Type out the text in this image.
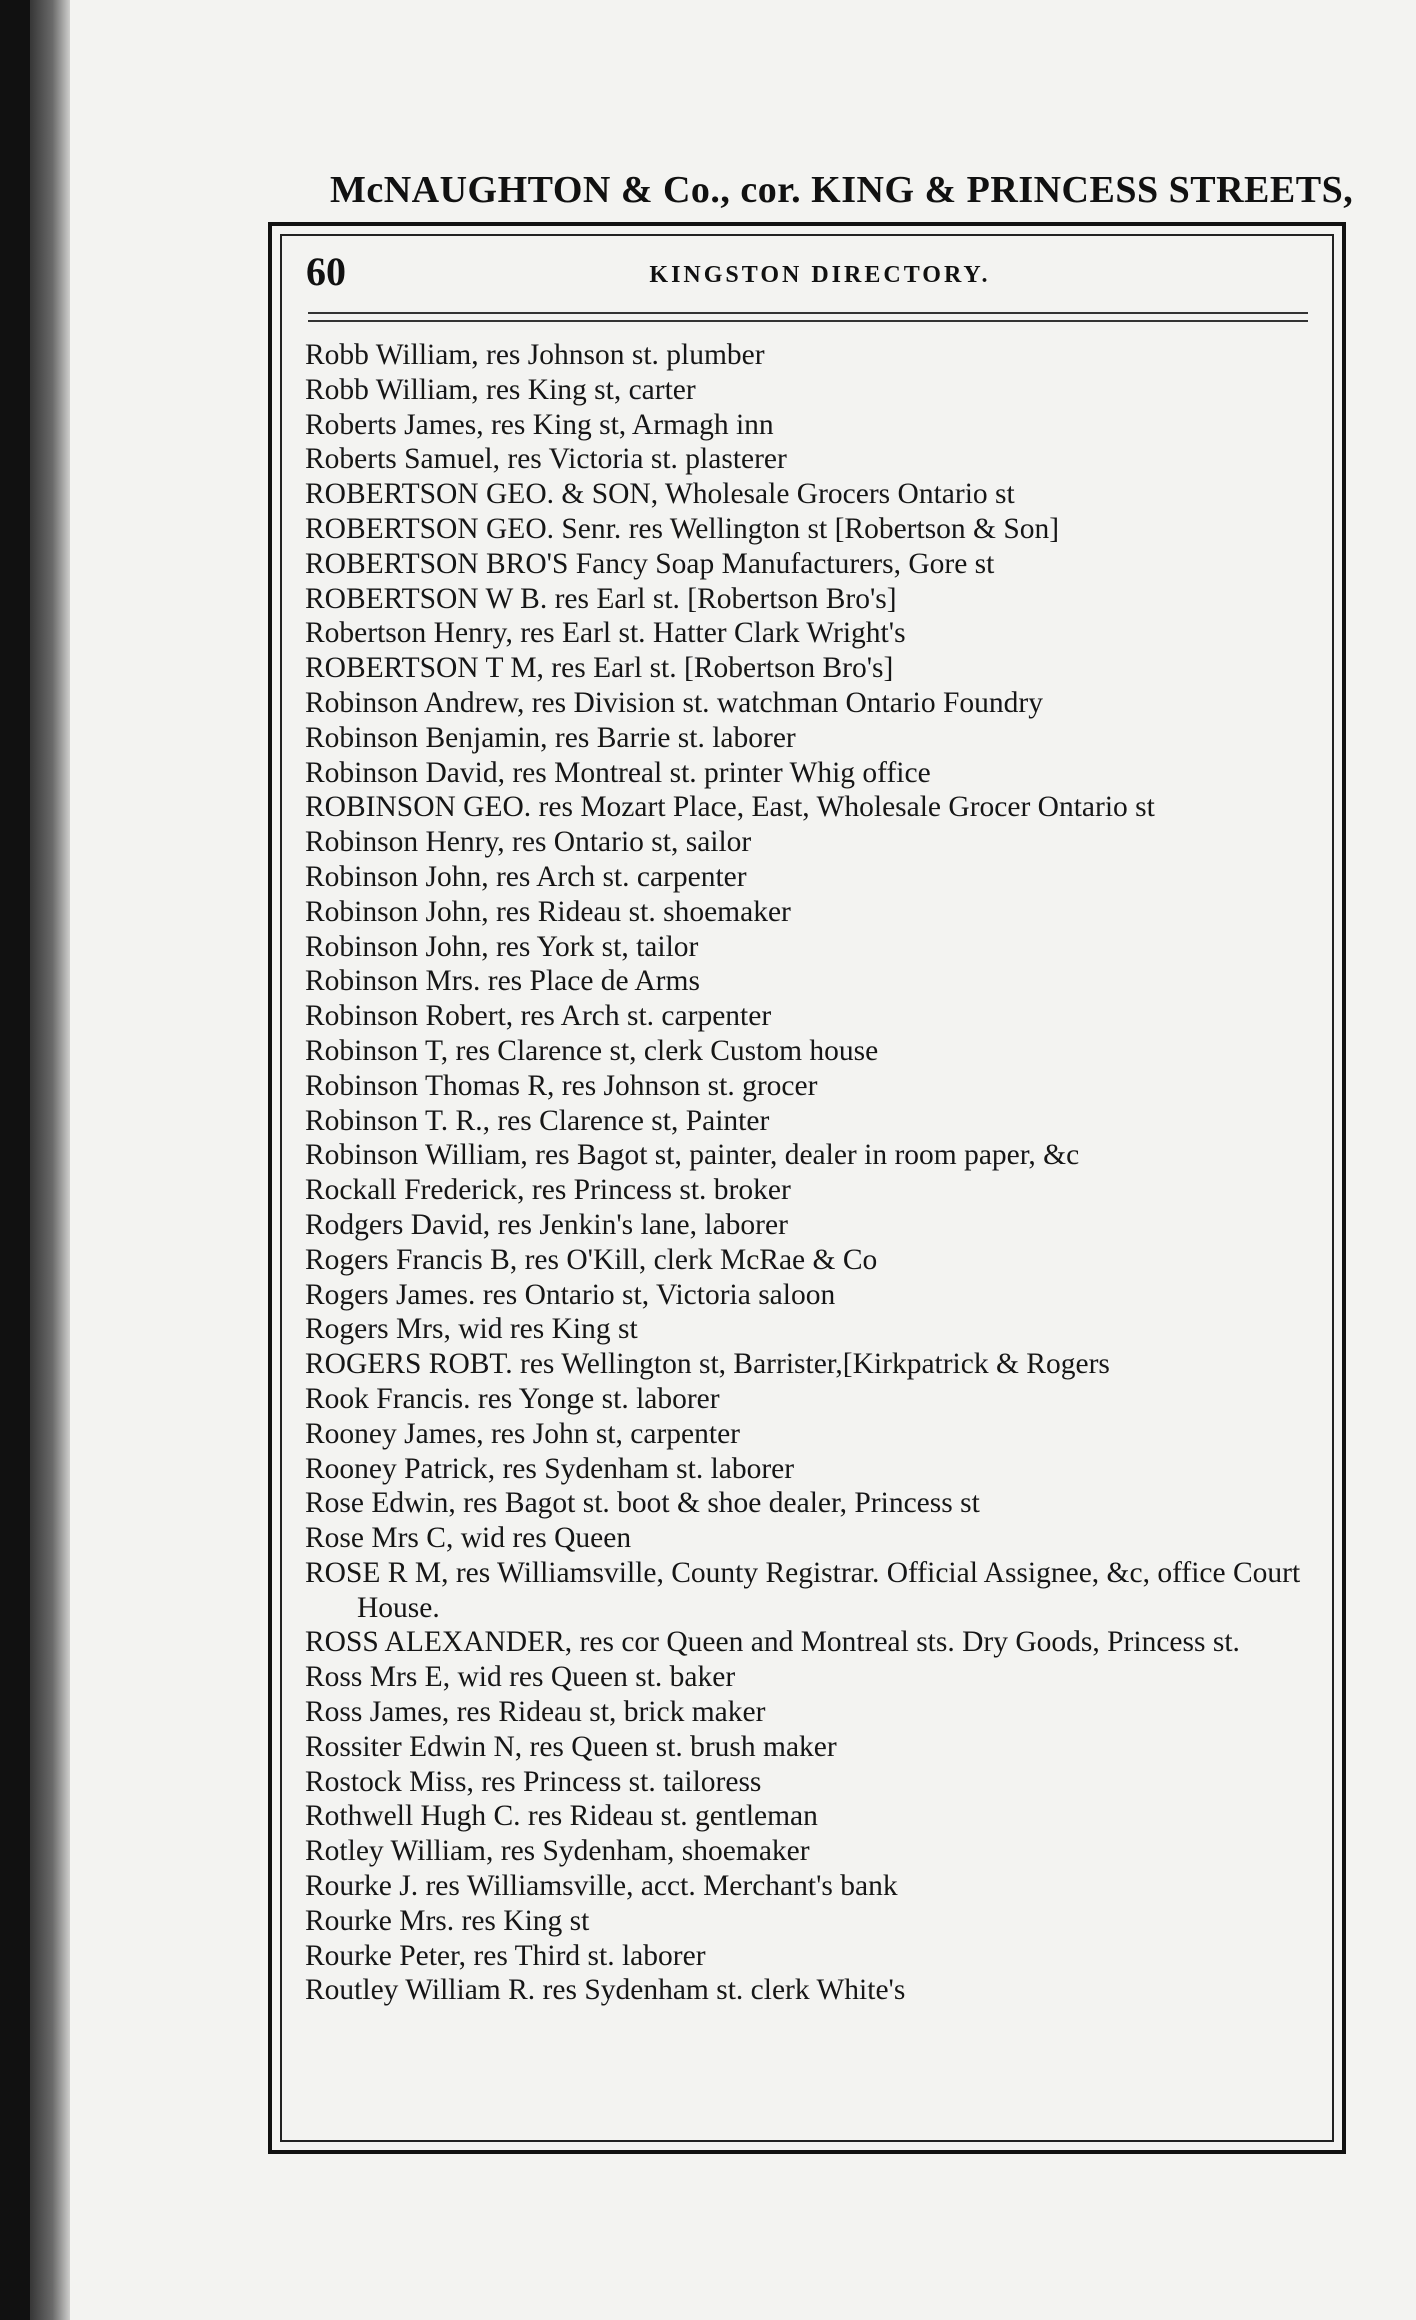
McNAUGHTON & Co., cor. KING & PRINCESS STREETS,
60	KINGSTON DIRECTORY.
Robb William, res Johnson st. plumber
Robb William, res King st, carter
Roberts James, res King st, Armagh inn
Roberts Samuel, res Victoria st. plasterer
ROBERTSON GEO. & SON, Wholesale Grocers Ontario st
ROBERTSON GEO. Senr. res Wellington st [Robertson & Son]
ROBERTSON BRO'S Fancy Soap Manufacturers, Gore st
ROBERTSON W B. res Earl st. [Robertson Bro's]
Robertson Henry, res Earl st. Hatter Clark Wright's
ROBERTSON T M, res Earl st. [Robertson Bro's]
Robinson Andrew, res Division st. watchman Ontario Foundry
Robinson Benjamin, res Barrie st. laborer
Robinson David, res Montreal st. printer Whig office
ROBINSON GEO. res Mozart Place, East, Wholesale Grocer Ontario st
Robinson Henry, res Ontario st, sailor
Robinson John, res Arch st. carpenter
Robinson John, res Rideau st. shoemaker
Robinson John, res York st, tailor
Robinson Mrs. res Place de Arms
Robinson Robert, res Arch st. carpenter
Robinson T, res Clarence st, clerk Custom house
Robinson Thomas R, res Johnson st. grocer
Robinson T. R., res Clarence st, Painter
Robinson William, res Bagot st, painter, dealer in room paper, &c
Rockall Frederick, res Princess st. broker
Rodgers David, res Jenkin's lane, laborer
Rogers Francis B, res O'Kill, clerk McRae & Co
Rogers James. res Ontario st, Victoria saloon
Rogers Mrs, wid res King st
ROGERS ROBT. res Wellington st, Barrister,[Kirkpatrick & Rogers
Rook Francis. res Yonge st. laborer
Rooney James, res John st, carpenter
Rooney Patrick, res Sydenham st. laborer
Rose Edwin, res Bagot st. boot & shoe dealer, Princess st
Rose Mrs C, wid res Queen
ROSE R M, res Williamsville, County Registrar. Official Assignee, &c, office Court House.
ROSS ALEXANDER, res cor Queen and Montreal sts. Dry Goods, Princess st.
Ross Mrs E, wid res Queen st. baker
Ross James, res Rideau st, brick maker
Rossiter Edwin N, res Queen st. brush maker
Rostock Miss, res Princess st. tailoress
Rothwell Hugh C. res Rideau st. gentleman
Rotley William, res Sydenham, shoemaker
Rourke J. res Williamsville, acct. Merchant's bank
Rourke Mrs. res King st
Rourke Peter, res Third st. laborer
Routley William R. res Sydenham st. clerk White's
